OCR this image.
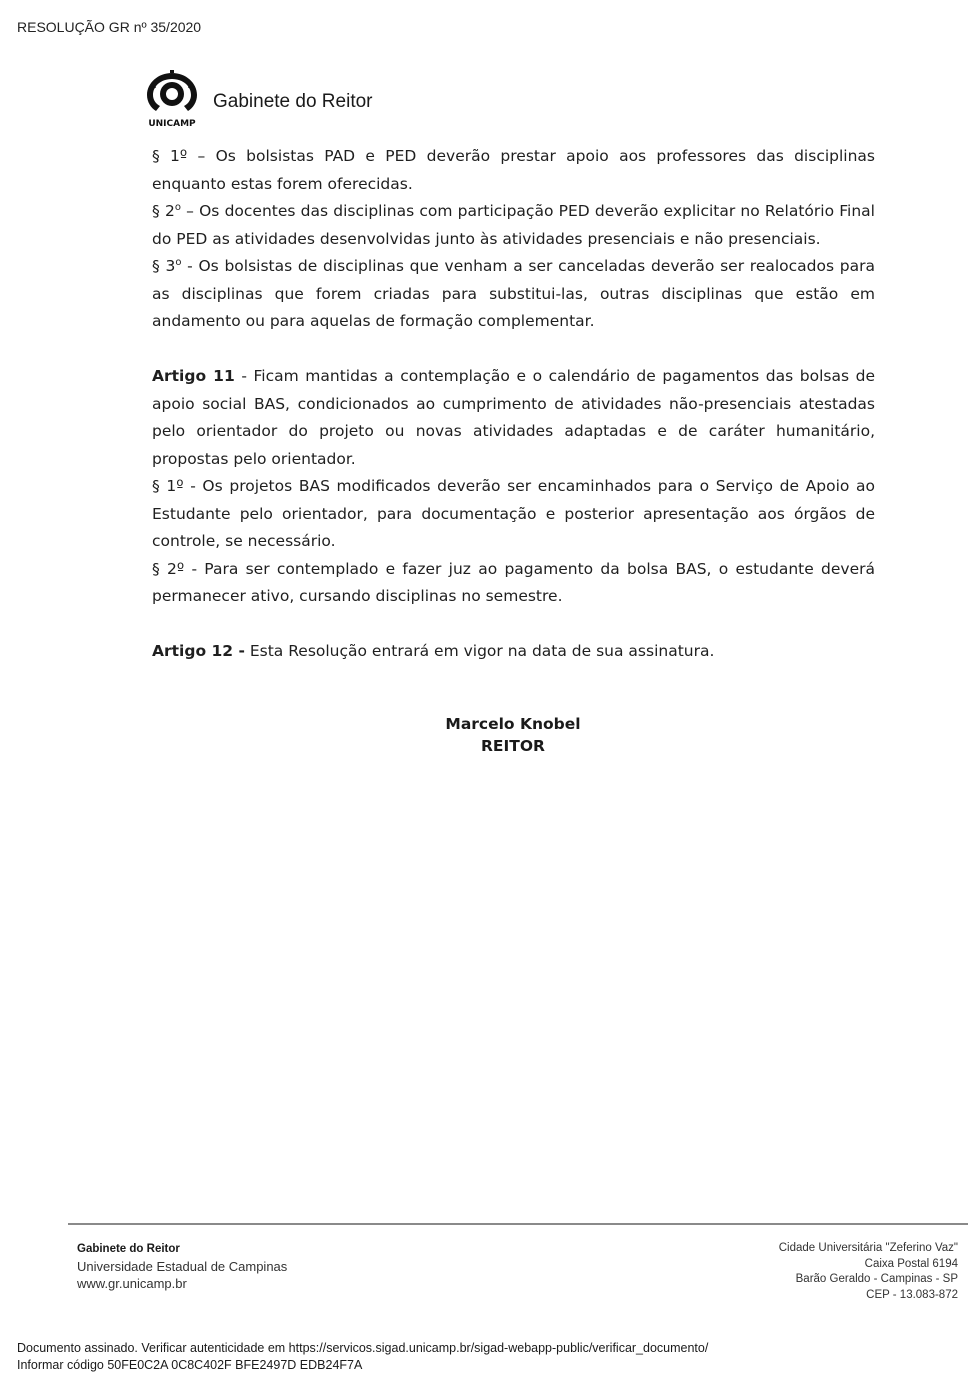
RESOLUÇÃO GR nº 35/2020
UNICAMP
Gabinete do Reitor

§ 1º – Os bolsistas PAD e PED deverão prestar apoio aos professores das disciplinas enquanto estas forem oferecidas.

§ 2$^o$ – Os docentes das disciplinas com participação PED deverão explicitar no Relatório Final do PED as atividades desenvolvidas junto às atividades presenciais e não presenciais.

§ 3$^o$ - Os bolsistas de disciplinas que venham a ser canceladas deverão ser realocados para as disciplinas que forem criadas para substitui-las, outras disciplinas que estão em andamento ou para aquelas de formação complementar.

Artigo 11 - Ficam mantidas a contemplação e o calendário de pagamentos das bolsas de apoio social BAS, condicionados ao cumprimento de atividades não-presenciais atestadas pelo orientador do projeto ou novas atividades adaptadas e de caráter humanitário, propostas pelo orientador.

§ 1º - Os projetos BAS modificados deverão ser encaminhados para o Serviço de Apoio ao Estudante pelo orientador, para documentação e posterior apresentação aos órgãos de controle, se necessário.

§ 2º - Para ser contemplado e fazer juz ao pagamento da bolsa BAS, o estudante deverá permanecer ativo, cursando disciplinas no semestre.

Artigo 12 - Esta Resolução entrará em vigor na data de sua assinatura.

Marcelo Knobel
REITOR
Gabinete do Reitor
Universidade Estadual de Campinas
www.gr.unicamp.br
Cidade Universitária "Zeferino Vaz"
Caixa Postal 6194
Barão Geraldo - Campinas - SP
CEP - 13.083-872
Documento assinado. Verificar autenticidade em https://servicos.sigad.unicamp.br/sigad-webapp-public/verificar_documento/
Informar código 50FE0C2A 0C8C402F BFE2497D EDB24F7A
